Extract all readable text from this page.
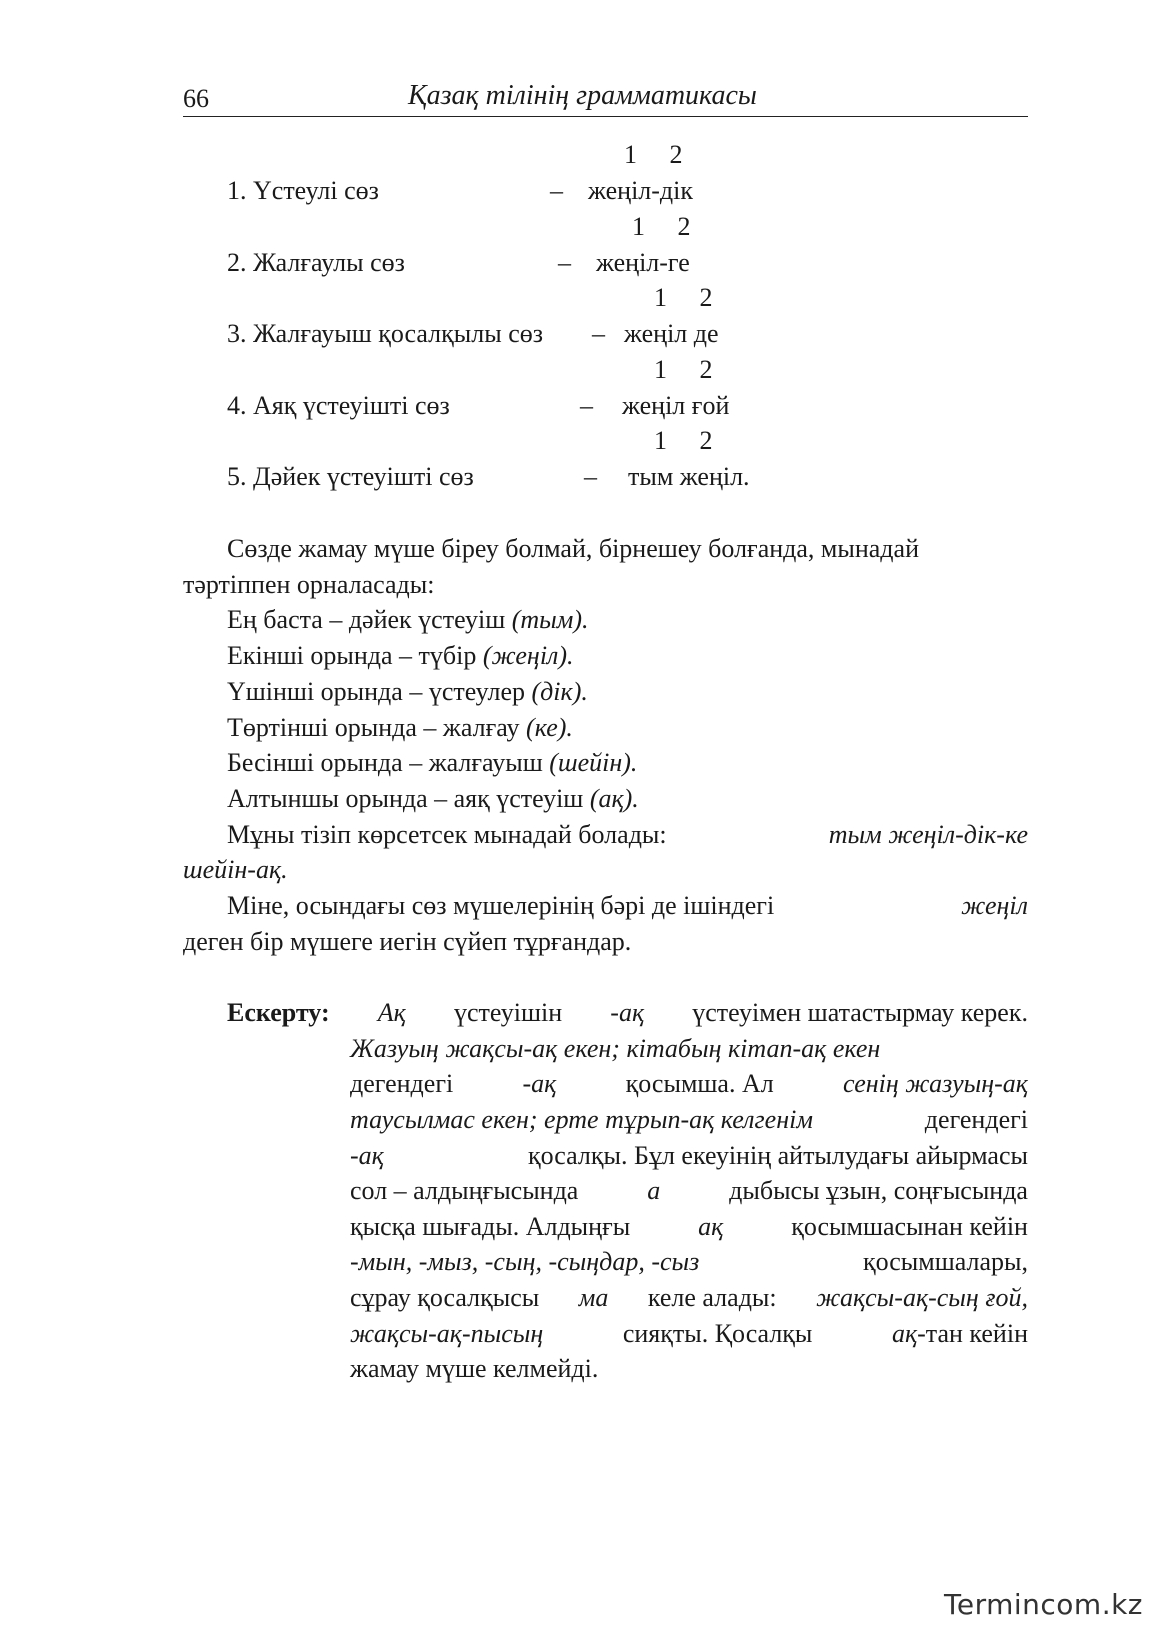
66	Қазақ тілінің грамматикасы
1     2
1. Үстеулі сөз	– жеңіл-дік
1     2
2. Жалғаулы сөз	– жеңіл-ге
1     2
3. Жалғауыш қосалқылы сөз – жеңіл де
1     2
4. Аяқ үстеуішті сөз	– жеңіл ғой
1     2
5. Дәйек үстеуішті сөз	– тым жеңіл.
Сөзде жамау мүше біреу болмай, бірнешеу болғанда, мынадай
тәртіппен орналасады:
Ең баста – дәйек үстеуіш (тым).
Екінші орында – түбір (жеңіл).
Үшінші орында – үстеулер (дік).
Төртінші орында – жалғау (ке).
Бесінші орында – жалғауыш (шейін).
Алтыншы орында – аяқ үстеуіш (ақ).
Мұны тізіп көрсетсек мынадай болады:	тым жеңіл-дік-ке
шейін-ақ.
Міне, осындағы сөз мүшелерінің бәрі де ішіндегі	жеңіл
деген бір мүшеге иегін сүйеп тұрғандар.
Ескерту: Ақ үстеуішін -ақ үстеуімен шатастырмау керек.
Жазуың жақсы-ақ екен; кітабың кітап-ақ екен
дегендегі	-ақ	қосымша. Ал	сенің жазуың-ақ
таусылмас екен; ерте тұрып-ақ келгенім	дегендегі
-ақ	қосалқы. Бұл екеуінің айтылудағы айырмасы
сол – алдыңғысында	а	дыбысы ұзын, соңғысында
қысқа шығады. Алдыңғы	ақ	қосымшасынан кейін
-мын, -мыз, -сың, -сыңдар, -сыз	қосымшалары,
сұрау қосалқысы ма келе алады: жақсы-ақ-сың ғой,
жақсы-ақ-пысың	сияқты. Қосалқы	ақ-тан кейін
жамау мүше келмейді.
Termincom.kz
